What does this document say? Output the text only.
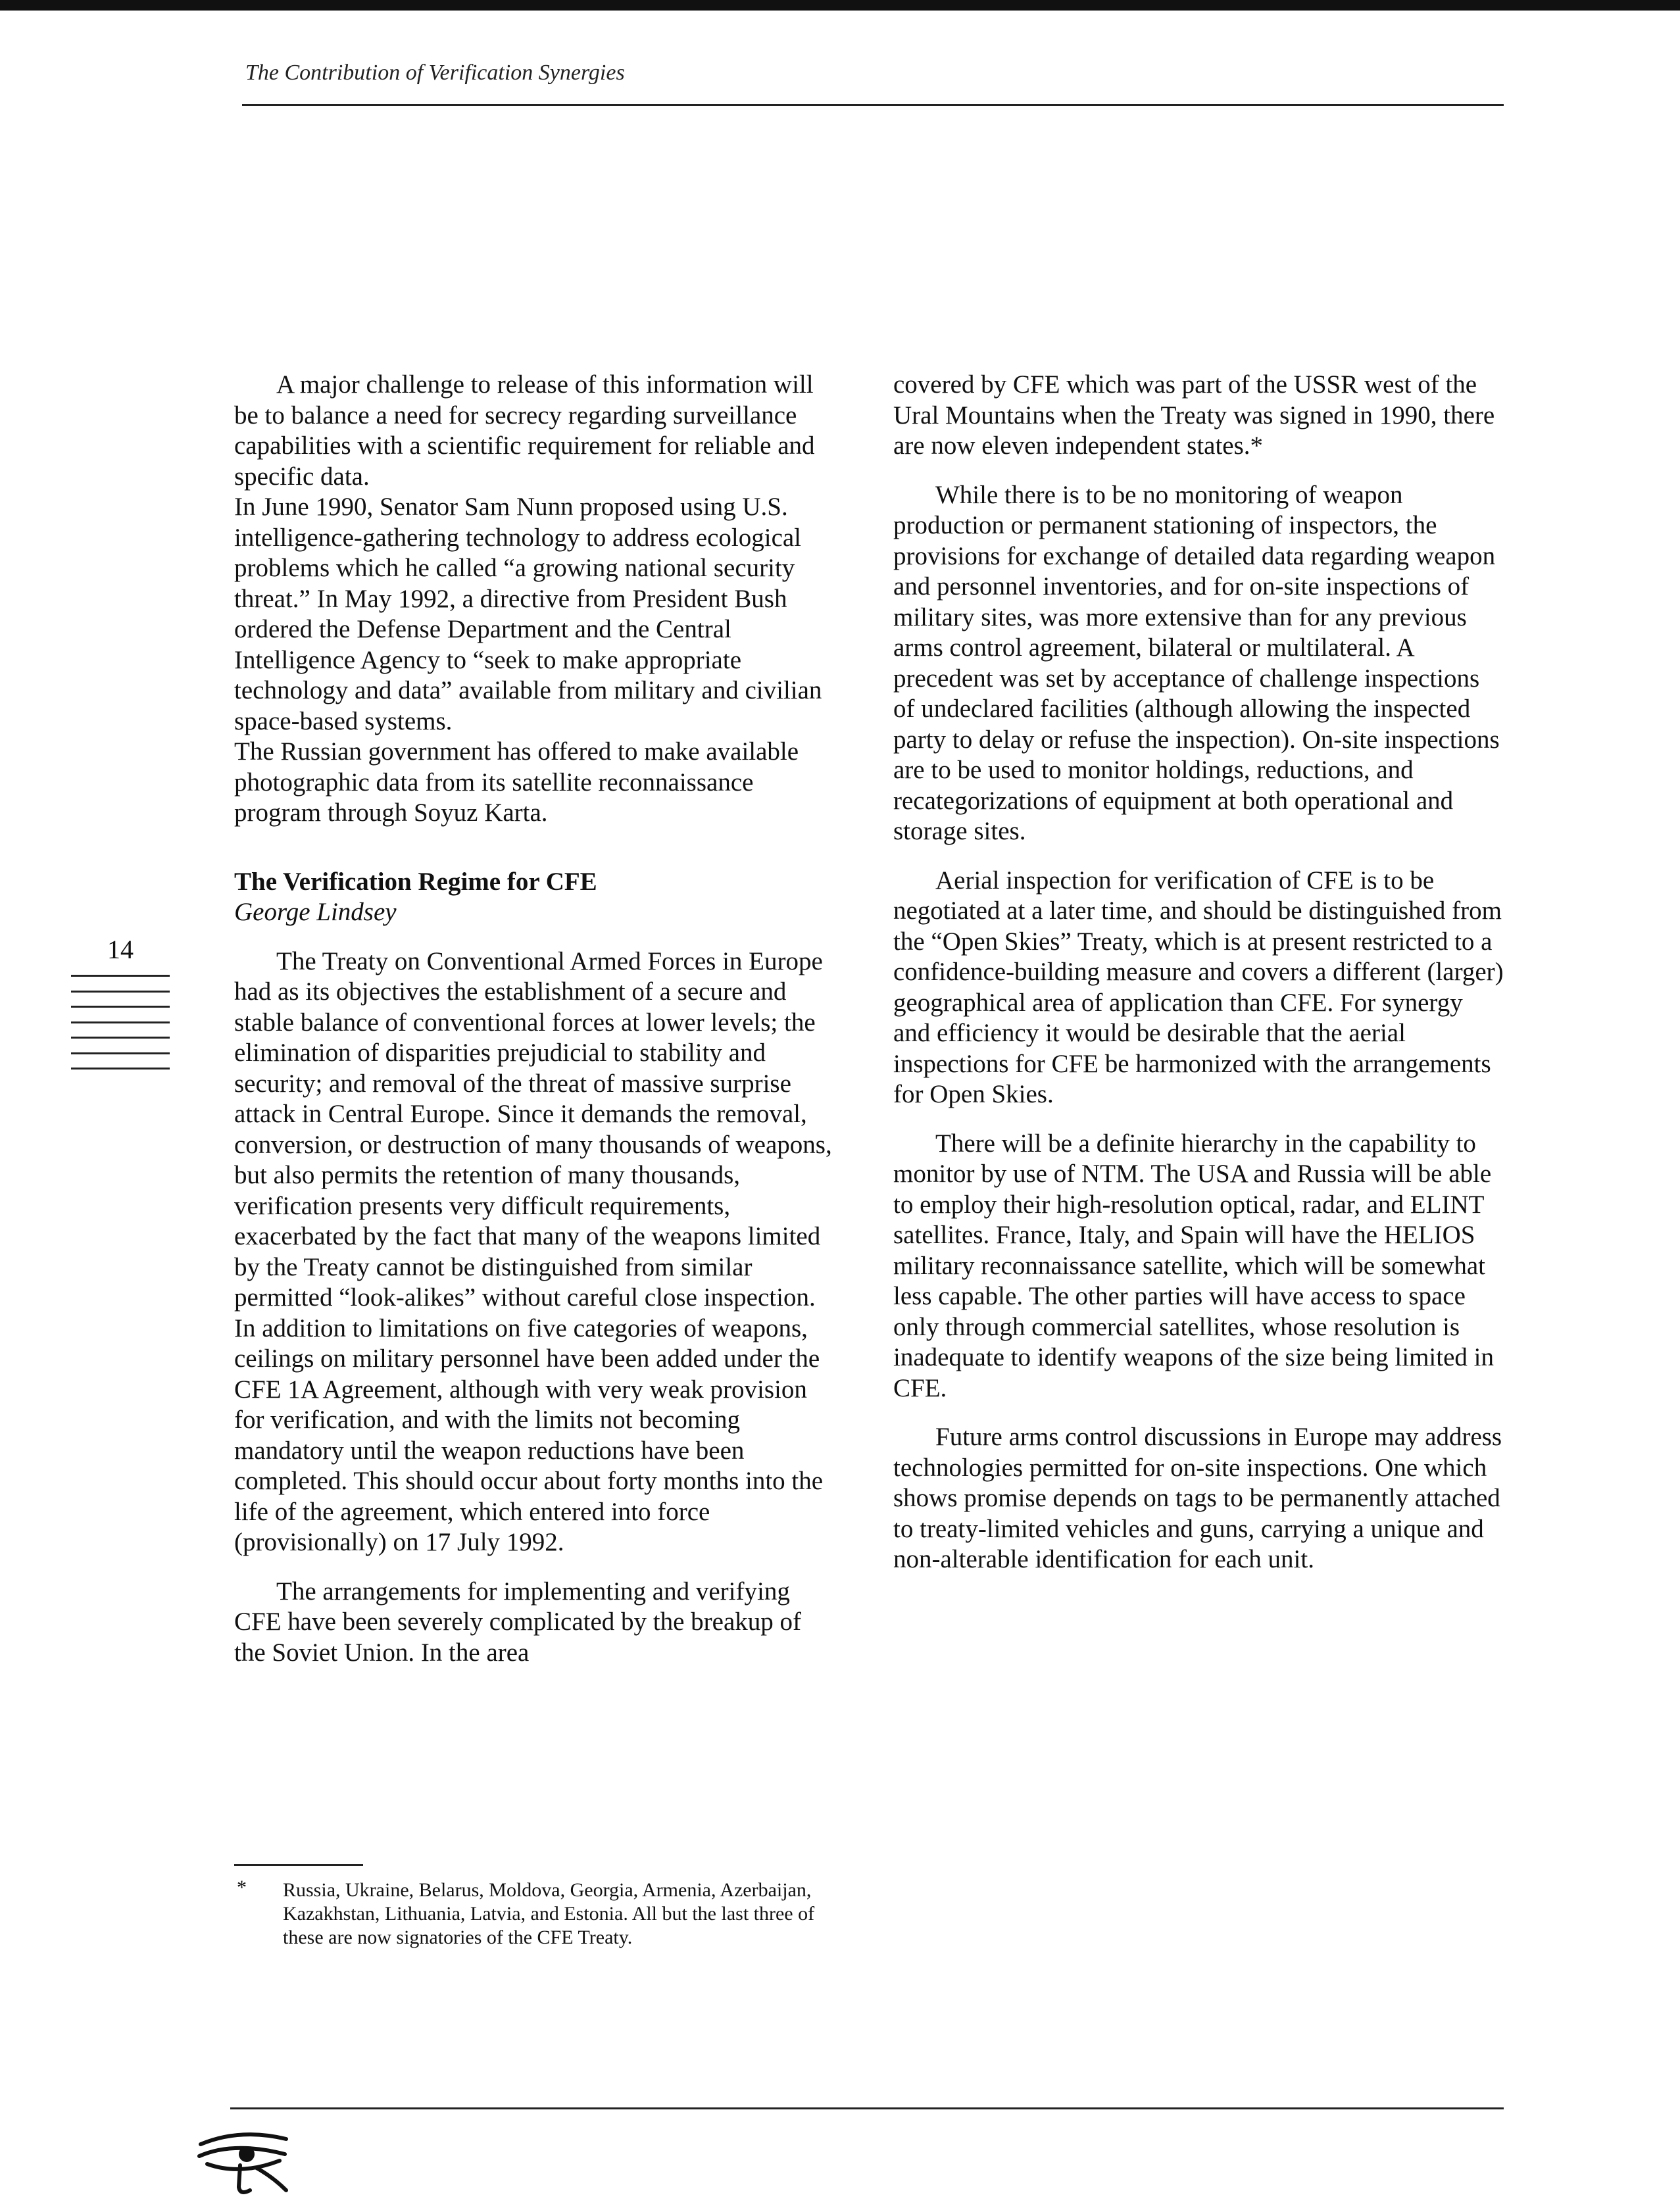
The Contribution of Verification Synergies
14

A major challenge to release of this information will be to balance a need for secrecy regarding surveillance capabilities with a scientific requirement for reliable and specific data.

In June 1990, Senator Sam Nunn proposed using U.S. intelligence-gathering technology to address ecological problems which he called “a growing national security threat.” In May 1992, a directive from President Bush ordered the Defense Department and the Central Intelligence Agency to “seek to make appropriate technology and data” available from military and civilian space-based systems.

The Russian government has offered to make available photographic data from its satellite reconnaissance program through Soyuz Karta.

The Verification Regime for CFE

George Lindsey

The Treaty on Conventional Armed Forces in Europe had as its objectives the establishment of a secure and stable balance of conventional forces at lower levels; the elimination of disparities prejudicial to stability and security; and removal of the threat of massive surprise attack in Central Europe. Since it demands the removal, conversion, or destruction of many thousands of weapons, but also permits the retention of many thousands, verification presents very difficult requirements, exacerbated by the fact that many of the weapons limited by the Treaty cannot be distinguished from similar permitted “look-alikes” without careful close inspection. In addition to limitations on five categories of weapons, ceilings on military personnel have been added under the CFE 1A Agreement, although with very weak provision for verification, and with the limits not becoming mandatory until the weapon reductions have been completed. This should occur about forty months into the life of the agreement, which entered into force (provisionally) on 17 July 1992.

The arrangements for implementing and verifying CFE have been severely complicated by the breakup of the Soviet Union. In the area

covered by CFE which was part of the USSR west of the Ural Mountains when the Treaty was signed in 1990, there are now eleven independent states.*

While there is to be no monitoring of weapon production or permanent stationing of inspectors, the provisions for exchange of detailed data regarding weapon and personnel inventories, and for on-site inspections of military sites, was more extensive than for any previous arms control agreement, bilateral or multilateral. A precedent was set by acceptance of challenge inspections of undeclared facilities (although allowing the inspected party to delay or refuse the inspection). On-site inspections are to be used to monitor holdings, reductions, and recategorizations of equipment at both operational and storage sites.

Aerial inspection for verification of CFE is to be negotiated at a later time, and should be distinguished from the “Open Skies” Treaty, which is at present restricted to a confidence-building measure and covers a different (larger) geographical area of application than CFE. For synergy and efficiency it would be desirable that the aerial inspections for CFE be harmonized with the arrangements for Open Skies.

There will be a definite hierarchy in the capability to monitor by use of NTM. The USA and Russia will be able to employ their high-resolution optical, radar, and ELINT satellites. France, Italy, and Spain will have the HELIOS military reconnaissance satellite, which will be somewhat less capable. The other parties will have access to space only through commercial satellites, whose resolution is inadequate to identify weapons of the size being limited in CFE.

Future arms control discussions in Europe may address technologies permitted for on-site inspections. One which shows promise depends on tags to be permanently attached to treaty-limited vehicles and guns, carrying a unique and non-alterable identification for each unit.

* Russia, Ukraine, Belarus, Moldova, Georgia, Armenia, Azerbaijan, Kazakhstan, Lithuania, Latvia, and Estonia. All but the last three of these are now signatories of the CFE Treaty.
